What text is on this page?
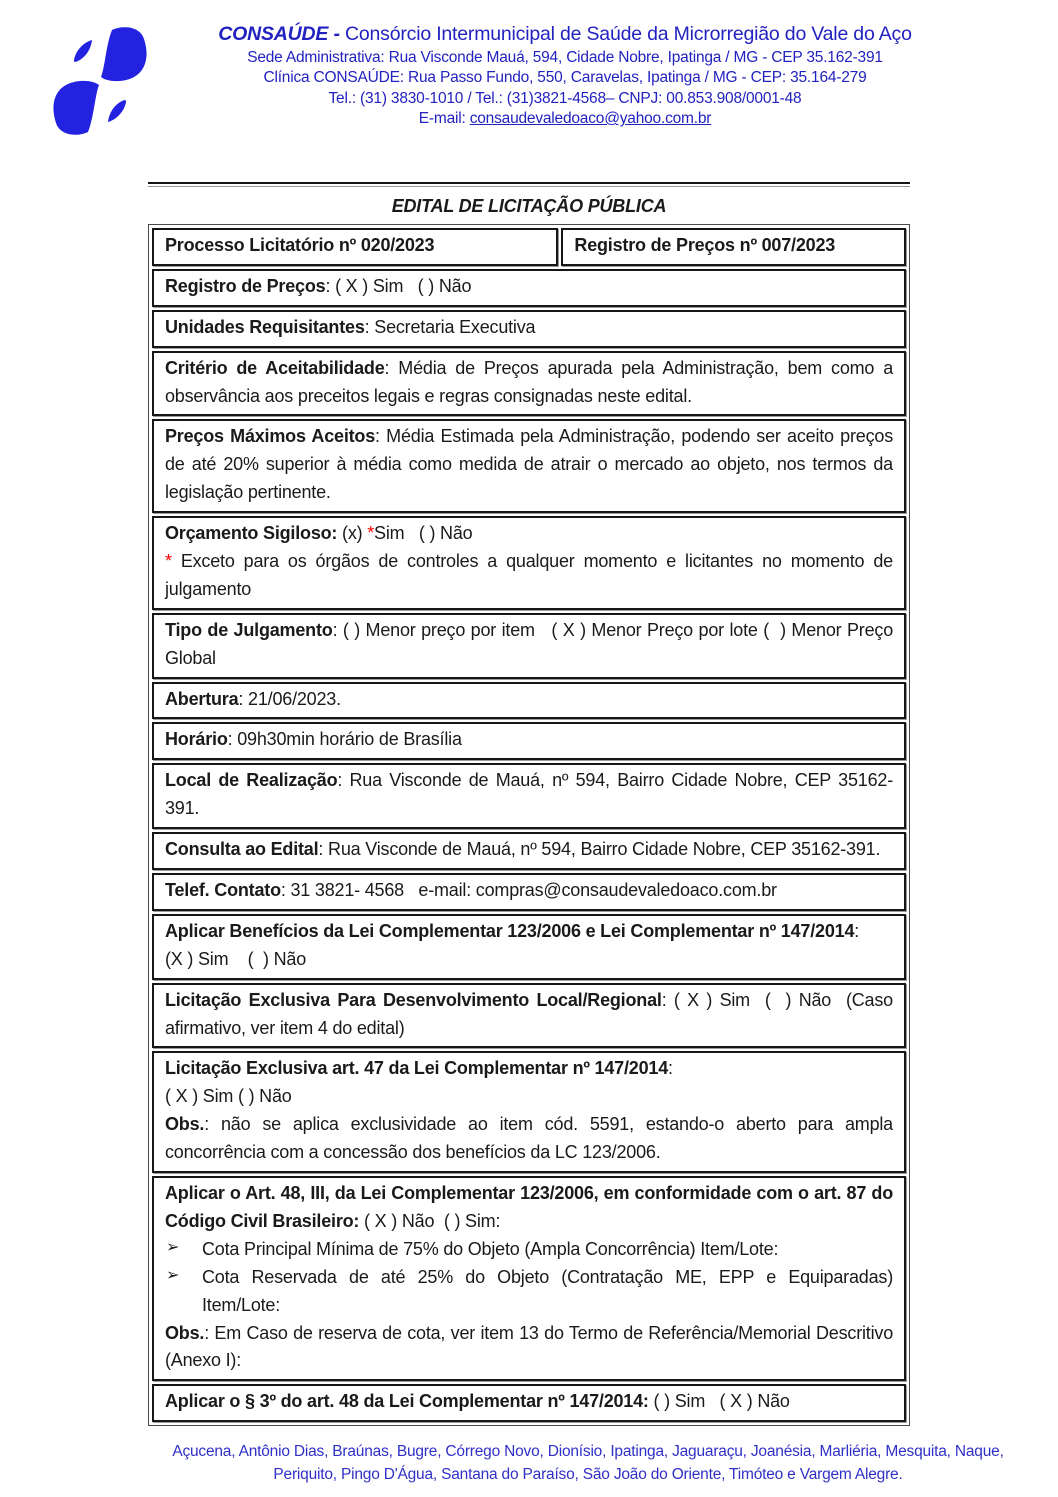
CONSAÚDE - Consórcio Intermunicipal de Saúde da Microrregião do Vale do Aço
Sede Administrativa: Rua Visconde Mauá, 594, Cidade Nobre, Ipatinga / MG - CEP 35.162-391
Clínica CONSAÚDE: Rua Passo Fundo, 550, Caravelas, Ipatinga / MG - CEP: 35.164-279
Tel.: (31) 3830-1010 / Tel.: (31)3821-4568– CNPJ: 00.853.908/0001-48
E-mail: consaudevaledoaco@yahoo.com.br
EDITAL DE LICITAÇÃO PÚBLICA
Processo Licitatório nº 020/2023	Registro de Preços nº 007/2023

Registro de Preços: ( X ) Sim   ( ) Não

Unidades Requisitantes: Secretaria Executiva

Critério de Aceitabilidade: Média de Preços apurada pela Administração, bem como a observância aos preceitos legais e regras consignadas neste edital.

Preços Máximos Aceitos: Média Estimada pela Administração, podendo ser aceito preços de até 20% superior à média como medida de atrair o mercado ao objeto, nos termos da legislação pertinente.

Orçamento Sigiloso: (x) *Sim   ( ) Não

* Exceto para os órgãos de controles a qualquer momento e licitantes no momento de julgamento

Tipo de Julgamento: ( ) Menor preço por item   ( X ) Menor Preço por lote (  ) Menor Preço Global

Abertura: 21/06/2023.

Horário: 09h30min horário de Brasília

Local de Realização: Rua Visconde de Mauá, nº 594, Bairro Cidade Nobre, CEP 35162-391.

Consulta ao Edital: Rua Visconde de Mauá, nº 594, Bairro Cidade Nobre, CEP 35162-391.

Telef. Contato: 31 3821- 4568   e-mail: compras@consaudevaledoaco.com.br

Aplicar Benefícios da Lei Complementar 123/2006 e Lei Complementar nº 147/2014:

(X ) Sim    (  ) Não

Licitação Exclusiva Para Desenvolvimento Local/Regional: ( X ) Sim  (  ) Não  (Caso afirmativo, ver item 4 do edital)

Licitação Exclusiva art. 47 da Lei Complementar nº 147/2014:

( X ) Sim ( ) Não

Obs.: não se aplica exclusividade ao item cód. 5591, estando-o aberto para ampla concorrência com a concessão dos benefícios da LC 123/2006.

Aplicar o Art. 48, III, da Lei Complementar 123/2006, em conformidade com o art. 87 do Código Civil Brasileiro: ( X ) Não  ( ) Sim:

➢	Cota Principal Mínima de 75% do Objeto (Ampla Concorrência) Item/Lote:

➢	Cota Reservada de até 25% do Objeto (Contratação ME, EPP e Equiparadas) Item/Lote:

Obs.: Em Caso de reserva de cota, ver item 13 do Termo de Referência/Memorial Descritivo (Anexo I):

Aplicar o § 3º do art. 48 da Lei Complementar nº 147/2014: ( ) Sim   ( X ) Não

Açucena, Antônio Dias, Braúnas, Bugre, Córrego Novo, Dionísio, Ipatinga, Jaguaraçu, Joanésia, Marliéria, Mesquita, Naque, Periquito, Pingo D'Água, Santana do Paraíso, São João do Oriente, Timóteo e Vargem Alegre.
